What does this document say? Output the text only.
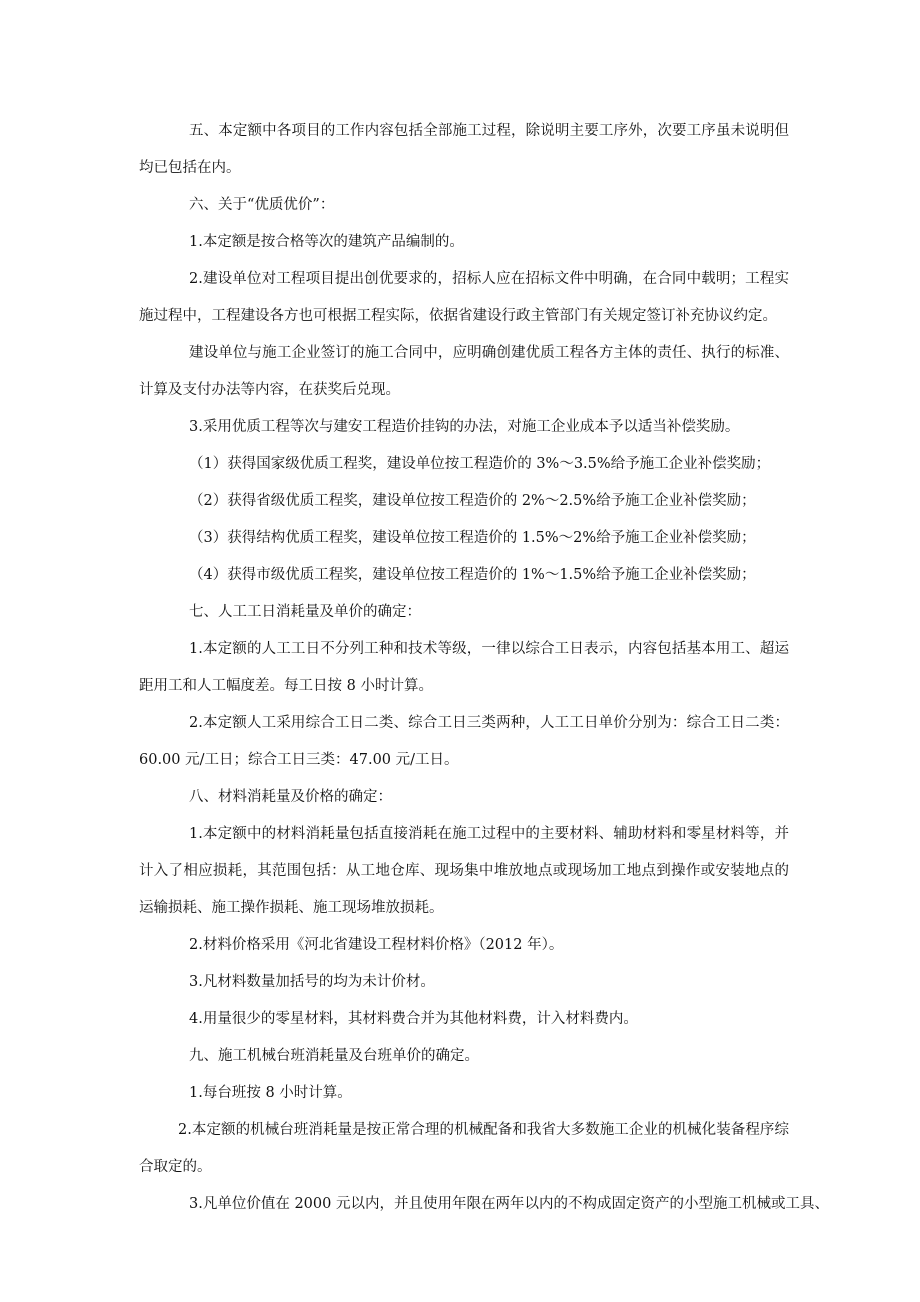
五、本定额中各项目的工作内容包括全部施工过程，除说明主要工序外，次要工序虽未说明但均已包括在内。

六、关于“优质优价”：

1.本定额是按合格等次的建筑产品编制的。

2.建设单位对工程项目提出创优要求的，招标人应在招标文件中明确，在合同中载明；工程实施过程中，工程建设各方也可根据工程实际，依据省建设行政主管部门有关规定签订补充协议约定。

建设单位与施工企业签订的施工合同中，应明确创建优质工程各方主体的责任、执行的标准、计算及支付办法等内容，在获奖后兑现。

3.采用优质工程等次与建安工程造价挂钩的办法，对施工企业成本予以适当补偿奖励。

（1）获得国家级优质工程奖，建设单位按工程造价的 3%～3.5%给予施工企业补偿奖励；

（2）获得省级优质工程奖，建设单位按工程造价的 2%～2.5%给予施工企业补偿奖励；

（3）获得结构优质工程奖，建设单位按工程造价的 1.5%～2%给予施工企业补偿奖励；

（4）获得市级优质工程奖，建设单位按工程造价的 1%～1.5%给予施工企业补偿奖励；

七、人工工日消耗量及单价的确定：

1.本定额的人工工日不分列工种和技术等级，一律以综合工日表示，内容包括基本用工、超运距用工和人工幅度差。每工日按 8 小时计算。

2.本定额人工采用综合工日二类、综合工日三类两种，人工工日单价分别为：综合工日二类：60.00 元/工日；综合工日三类：47.00 元/工日。

八、材料消耗量及价格的确定：

1.本定额中的材料消耗量包括直接消耗在施工过程中的主要材料、辅助材料和零星材料等，并计入了相应损耗，其范围包括：从工地仓库、现场集中堆放地点或现场加工地点到操作或安装地点的运输损耗、施工操作损耗、施工现场堆放损耗。

2.材料价格采用《河北省建设工程材料价格》（2012 年）。

3.凡材料数量加括号的均为未计价材。

4.用量很少的零星材料，其材料费合并为其他材料费，计入材料费内。

九、施工机械台班消耗量及台班单价的确定。

1.每台班按 8 小时计算。

2.本定额的机械台班消耗量是按正常合理的机械配备和我省大多数施工企业的机械化装备程序综合取定的。

3.凡单位价值在 2000 元以内，并且使用年限在两年以内的不构成固定资产的小型施工机械或工具、
